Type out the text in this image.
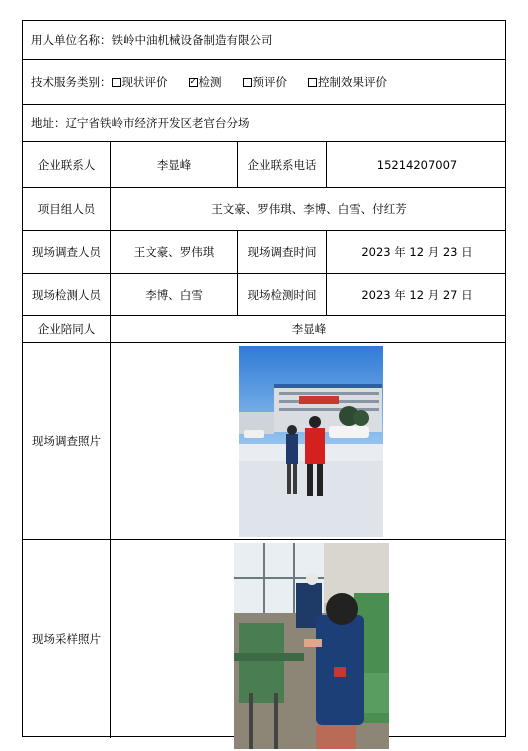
用人单位名称： 铁岭中油机械设备制造有限公司
技术服务类别： 现状评价
✓	检测	预评价	控制效果评价
地址： 辽宁省铁岭市经济开发区老官台分场
企业联系人	李显峰	企业联系电话	15214207007
项目组人员	王文豪、罗伟琪、李博、白雪、付红芳
现场调查人员	王文豪、罗伟琪	现场调查时间	2023 年 12 月 23 日
现场检测人员	李博、白雪	现场检测时间	2023 年 12 月 27 日
企业陪同人	李显峰
现场调查照片
现场采样照片
